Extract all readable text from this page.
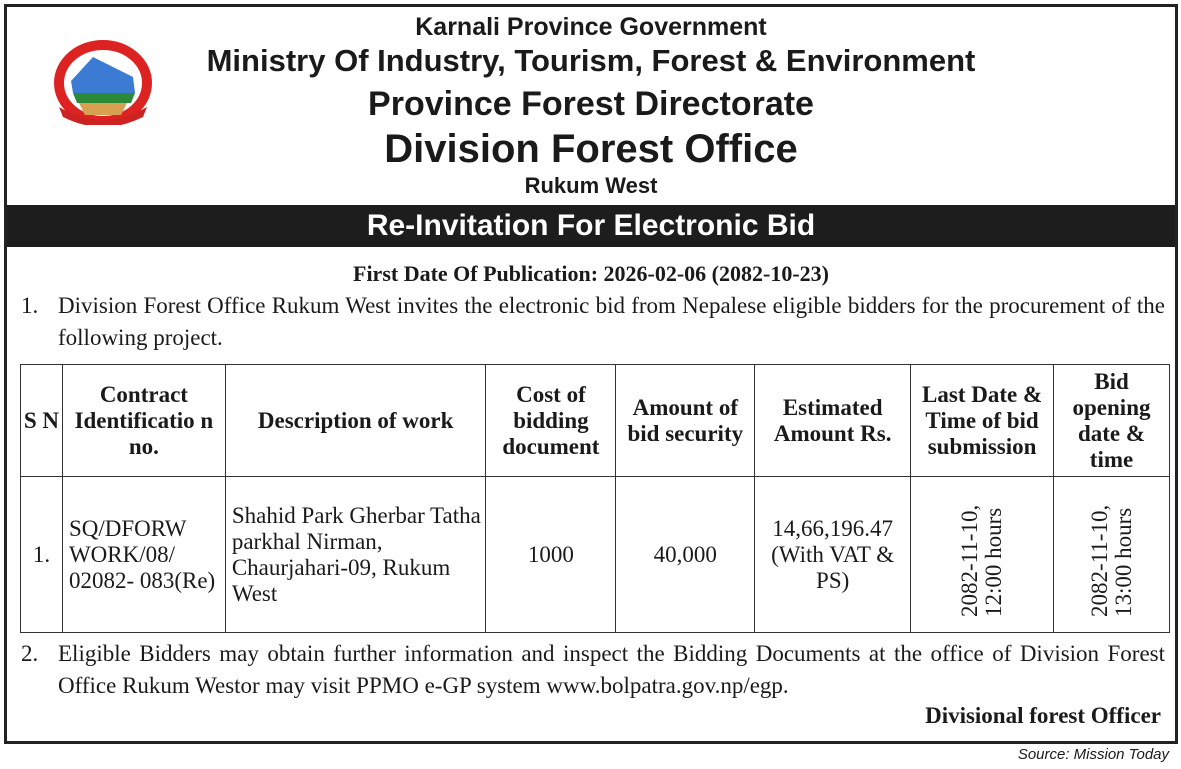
Karnali Province Government
Ministry Of Industry, Tourism, Forest & Environment
Province Forest Directorate
Division Forest Office
Rukum West
Re-Invitation For Electronic Bid
First Date Of Publication: 2026-02-06 (2082-10-23)
1. Division Forest Office Rukum West invites the electronic bid from Nepalese eligible bidders for the procurement of the following project.
S N	Contract Identificatio n no.	Description of work	Cost of bidding document	Amount of bid security	Estimated Amount Rs.	Last Date & Time of bid submission	Bid opening date & time
1.	SQ/DFORW WORK/08/ 02082- 083(Re)	Shahid Park Gherbar Tatha parkhal Nirman, Chaurjahari-09, Rukum West	1000	40,000	14,66,196.47 (With VAT & PS)	2082-11-10, 12:00 hours	2082-11-10, 13:00 hours
2. Eligible Bidders may obtain further information and inspect the Bidding Documents at the office of Division Forest Office Rukum Westor may visit PPMO e-GP system www.bolpatra.gov.np/egp.
Divisional forest Officer
Source: Mission Today
